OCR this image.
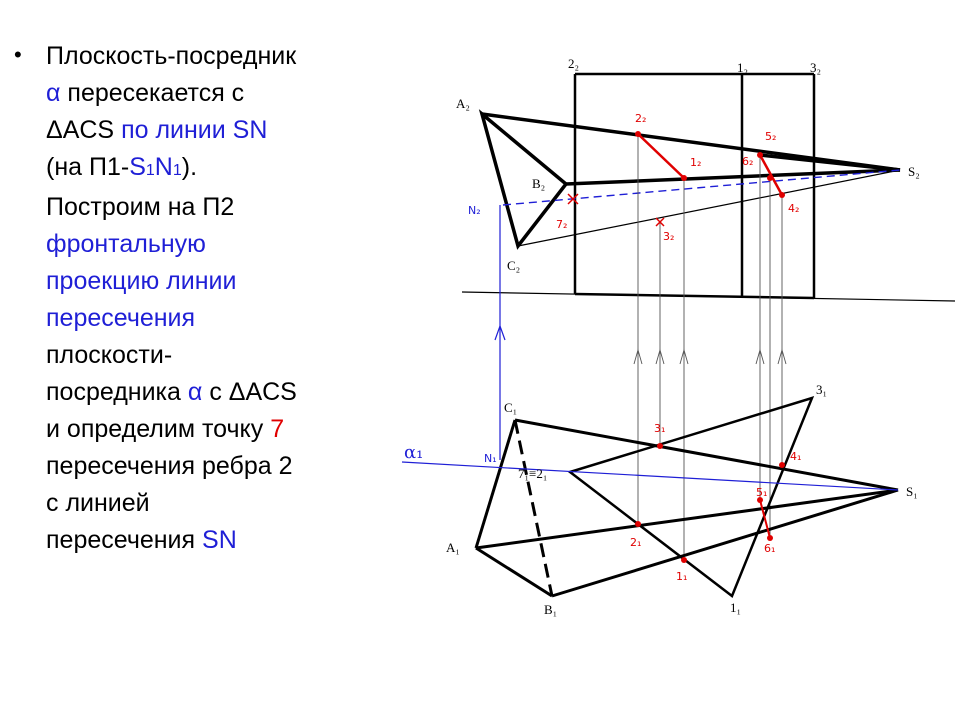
• Плоскость-посредник
α пересекается с
ΔACS по линии SN
(на П1-S1N1).
Построим на П2
фронтальную
проекцию линии
пересечения
плоскости-
посредника α с ΔACS
и определим точку 7
пересечения ребра 2
с линией
пересечения SN
2₂	1₂	3₂
A₂
B₂
C₂
S₂
N₂
7₂
2₂
1₂
3₂
5₂
6₂
4₂
C₁
A₁
B₁
S₁
3₁
1₁
N₁
7₁≡2₁
3₁
2₁
1₁
4₁
5₁
6₁
α₁
